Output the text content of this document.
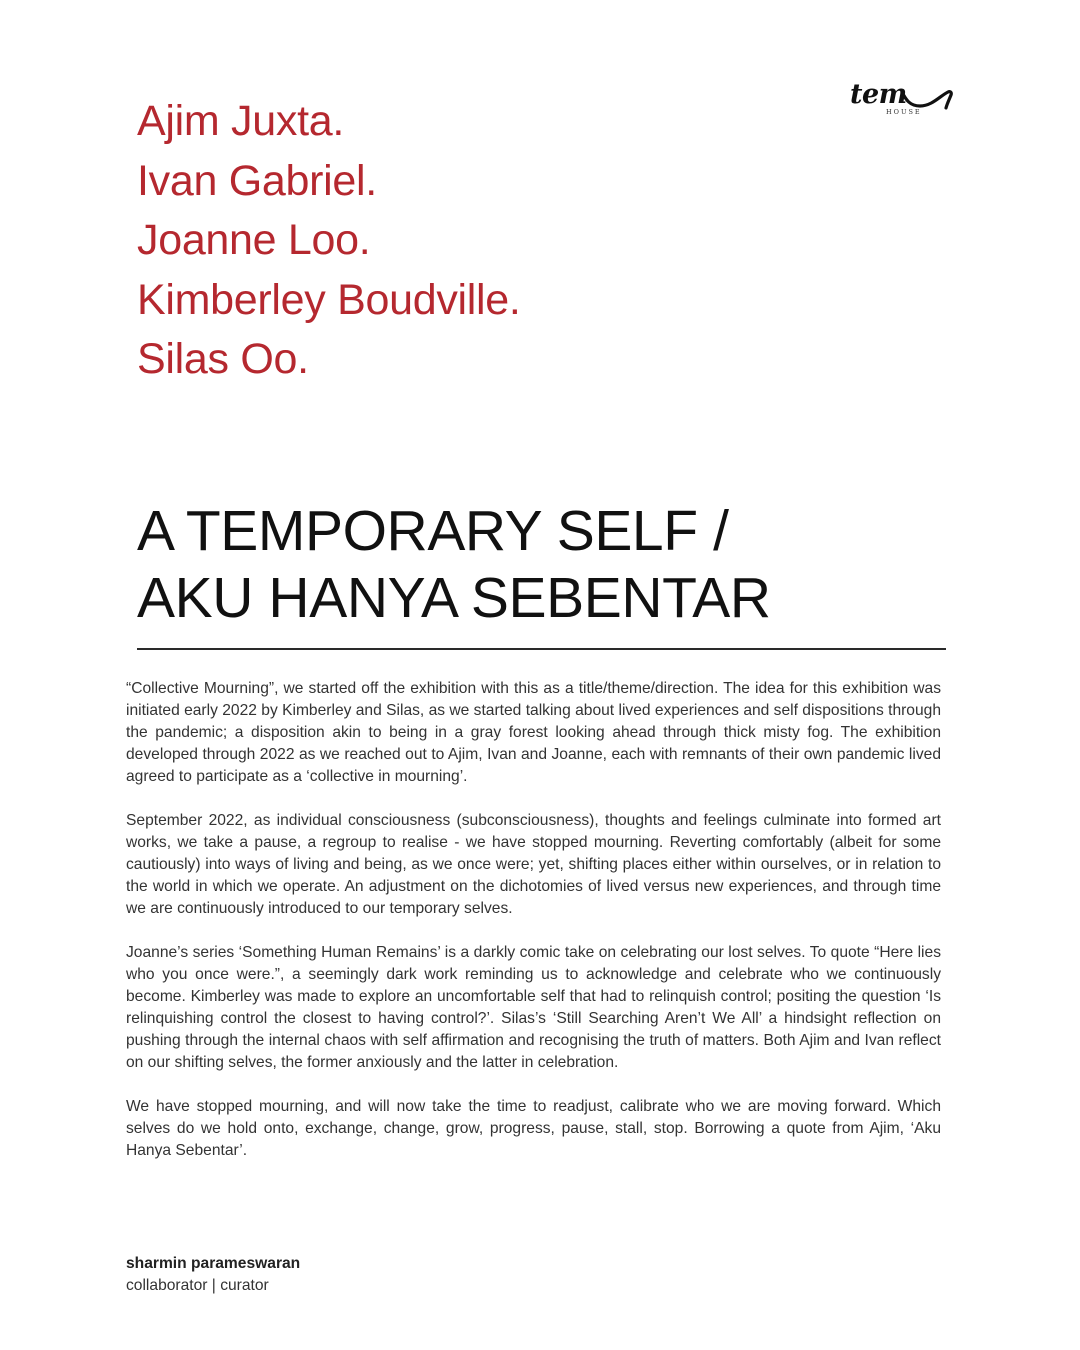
Ajim Juxta.
Ivan Gabriel.
Joanne Loo.
Kimberley Boudville.
Silas Oo.
tem
HOUSE
A TEMPORARY SELF /
AKU HANYA SEBENTAR

“Collective Mourning”, we started off the exhibition with this as a title/theme/direction. The idea for this exhibition was initiated early 2022 by Kimberley and Silas, as we started talking about lived experiences and self dispositions through the pandemic; a disposition akin to being in a gray forest looking ahead through thick misty fog. The exhibition developed through 2022 as we reached out to Ajim, Ivan and Joanne, each with remnants of their own pandemic lived agreed to participate as a ‘collective in mourning’.

September 2022, as individual consciousness (subconsciousness), thoughts and feelings culminate into formed art works, we take a pause, a regroup to realise - we have stopped mourning. Reverting comfortably (albeit for some cautiously) into ways of living and being, as we once were; yet, shifting places either within ourselves, or in relation to the world in which we operate. An adjustment on the dichotomies of lived versus new experiences, and through time we are continuously introduced to our temporary selves.

Joanne’s series ‘Something Human Remains’ is a darkly comic take on celebrating our lost selves. To quote “Here lies who you once were.”, a seemingly dark work reminding us to acknowledge and celebrate who we continuously become. Kimberley was made to explore an uncomfortable self that had to relinquish control; positing the question ‘Is relinquishing control the closest to having control?’. Silas’s ‘Still Searching Aren’t We All’ a hindsight reflection on pushing through the internal chaos with self affirmation and recognising the truth of matters. Both Ajim and Ivan reflect on our shifting selves, the former anxiously and the latter in celebration.

We have stopped mourning, and will now take the time to readjust, calibrate who we are moving forward. Which selves do we hold onto, exchange, change, grow, progress, pause, stall, stop. Borrowing a quote from Ajim, ‘Aku Hanya Sebentar’.

sharmin parameswaran
collaborator | curator
